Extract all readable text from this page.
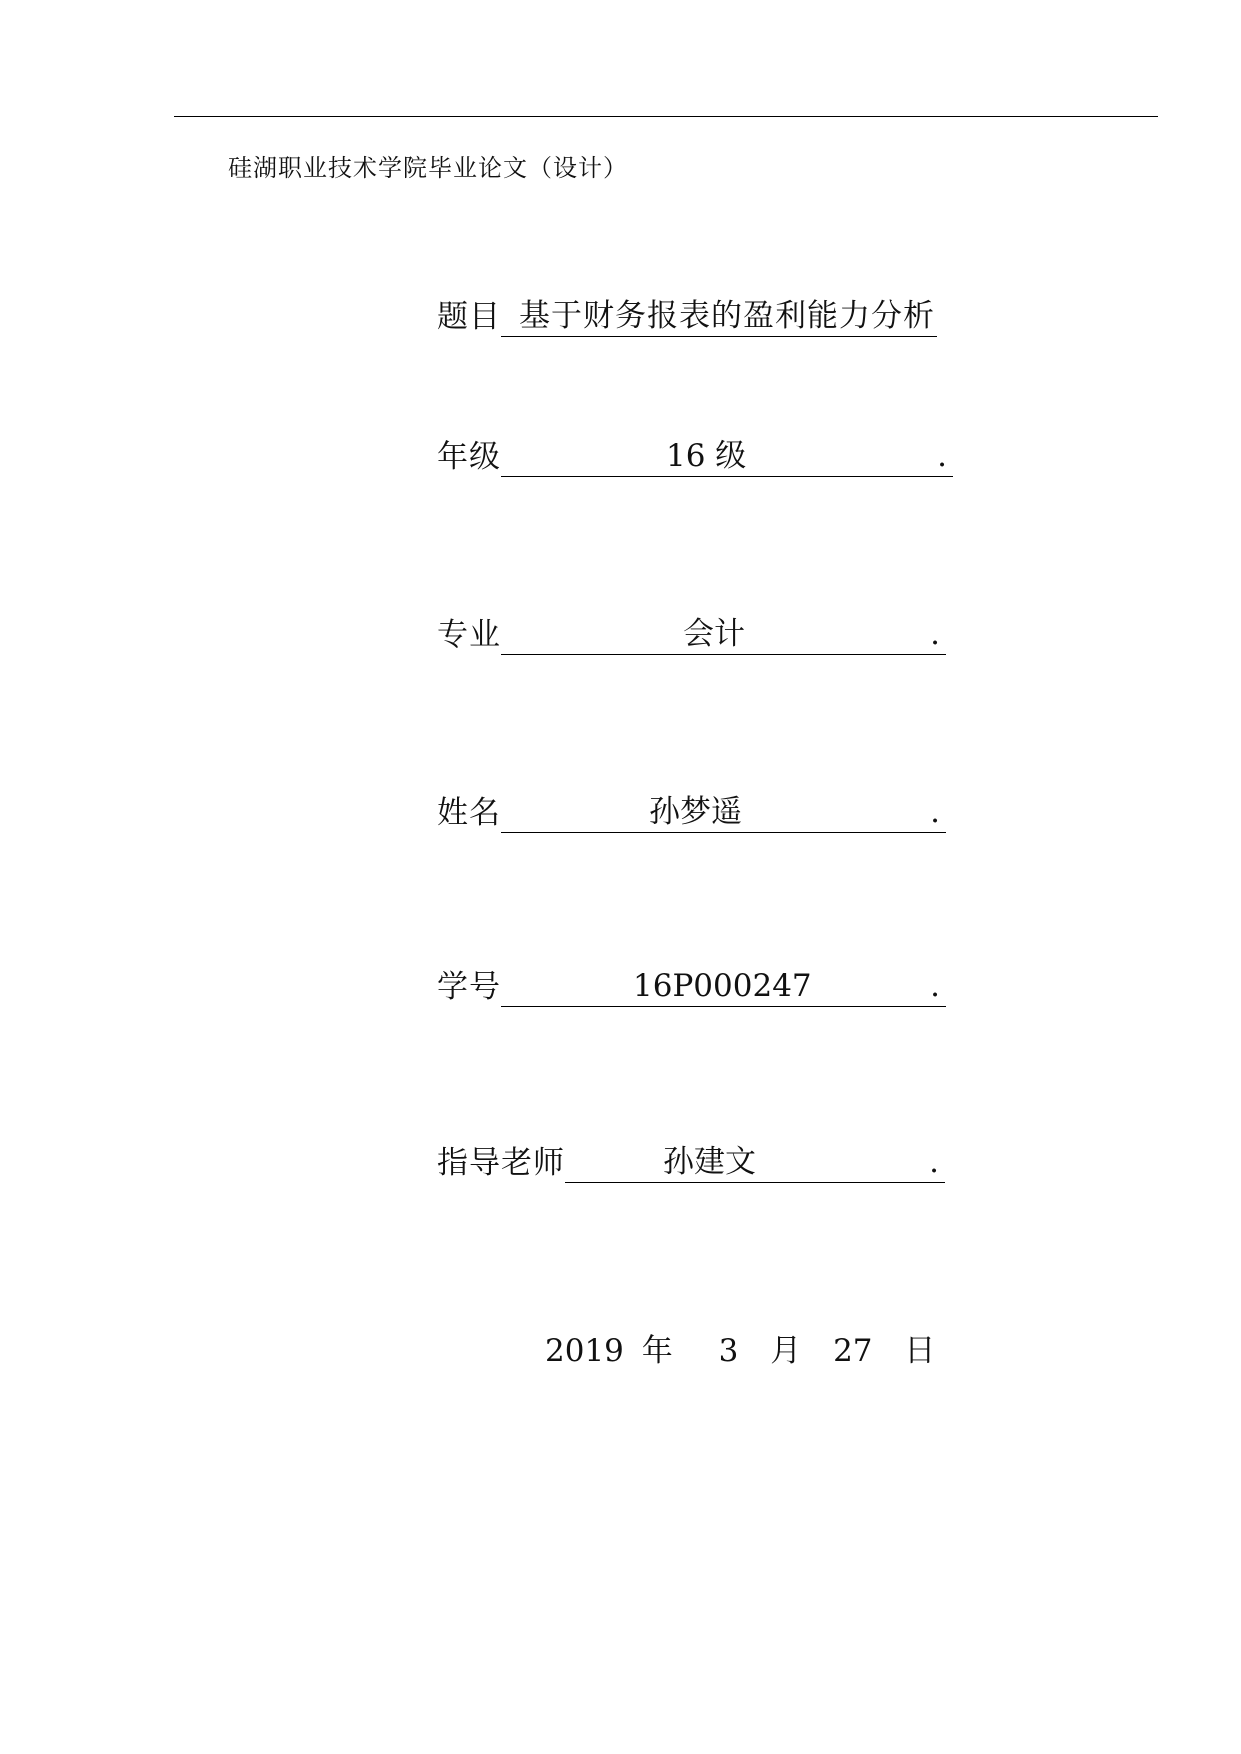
硅湖职业技术学院毕业论文（设计）
题目 基于财务报表的盈利能力分析
年级	16 级	.
专业	会计	.
姓名	孙梦遥	.
学号	16P000247	.
指导老师	孙建文	.
2019 年 3 月 27 日
